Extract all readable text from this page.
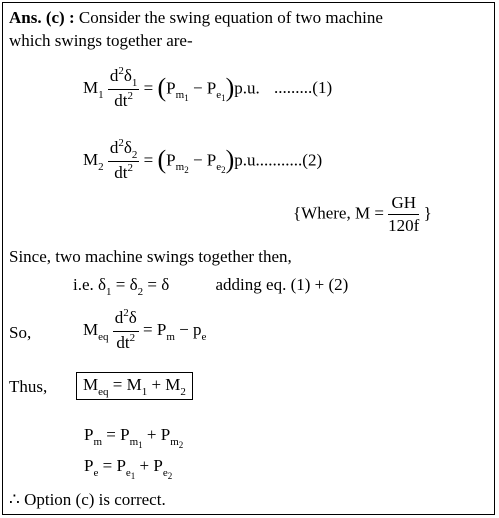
Ans. (c) : Consider the swing equation of two machine
which swings together are-
$M_1 \frac{d^2\delta_1}{dt^2} = (P_{m_1} - P_{e_1})p.u$. .........(1)
$M_2 \frac{d^2\delta_2}{dt^2} = (P_{m_2} - P_{e_2})p.u...........(2)$
{Where, $M = \frac{GH}{120f}$ }
Since, two machine swings together then,
i.e. $\delta_1 = \delta_2 = \delta$	adding eq. (1) + (2)
So,	$M_{eq} \frac{d^2\delta}{dt^2} = P_m - p_e$
Thus,	$M_{eq} = M_1 + M_2$
$P_m = P_{m_1} + P_{m_2}$
$P_e = P_{e_1} + P_{e_2}$
∴ Option (c) is correct.
